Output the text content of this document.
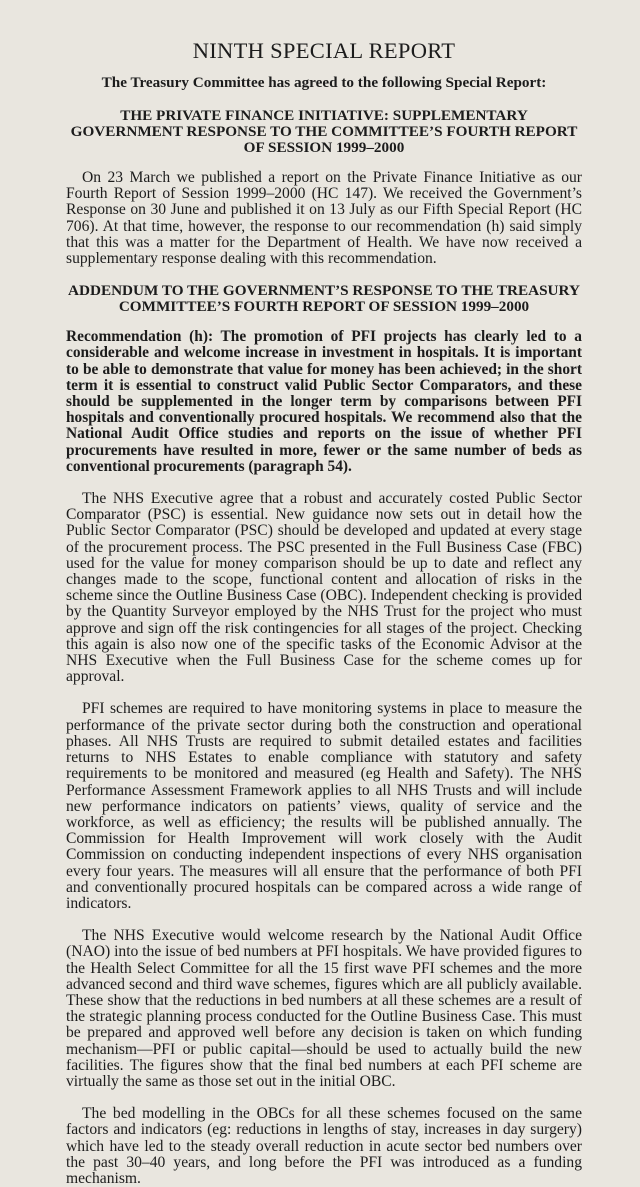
NINTH SPECIAL REPORT
The Treasury Committee has agreed to the following Special Report:
THE PRIVATE FINANCE INITIATIVE: SUPPLEMENTARY GOVERNMENT RESPONSE TO THE COMMITTEE’S FOURTH REPORT OF SESSION 1999–2000

On 23 March we published a report on the Private Finance Initiative as our Fourth Report of Session 1999–2000 (HC 147). We received the Government’s Response on 30 June and published it on 13 July as our Fifth Special Report (HC 706). At that time, however, the response to our recommendation (h) said simply that this was a matter for the Department of Health. We have now received a supplementary response dealing with this recommendation.

ADDENDUM TO THE GOVERNMENT’S RESPONSE TO THE TREASURY COMMITTEE’S FOURTH REPORT OF SESSION 1999–2000

Recommendation (h): The promotion of PFI projects has clearly led to a considerable and welcome increase in investment in hospitals. It is important to be able to demonstrate that value for money has been achieved; in the short term it is essential to construct valid Public Sector Comparators, and these should be supplemented in the longer term by comparisons between PFI hospitals and conventionally procured hospitals. We recommend also that the National Audit Office studies and reports on the issue of whether PFI procurements have resulted in more, fewer or the same number of beds as conventional procurements (paragraph 54).

The NHS Executive agree that a robust and accurately costed Public Sector Comparator (PSC) is essential. New guidance now sets out in detail how the Public Sector Comparator (PSC) should be developed and updated at every stage of the procurement process. The PSC presented in the Full Business Case (FBC) used for the value for money comparison should be up to date and reflect any changes made to the scope, functional content and allocation of risks in the scheme since the Outline Business Case (OBC). Independent checking is provided by the Quantity Surveyor employed by the NHS Trust for the project who must approve and sign off the risk contingencies for all stages of the project. Checking this again is also now one of the specific tasks of the Economic Advisor at the NHS Executive when the Full Business Case for the scheme comes up for approval.

PFI schemes are required to have monitoring systems in place to measure the performance of the private sector during both the construction and operational phases. All NHS Trusts are required to submit detailed estates and facilities returns to NHS Estates to enable compliance with statutory and safety requirements to be monitored and measured (eg Health and Safety). The NHS Performance Assessment Framework applies to all NHS Trusts and will include new performance indicators on patients’ views, quality of service and the workforce, as well as efficiency; the results will be published annually. The Commission for Health Improvement will work closely with the Audit Commission on conducting independent inspections of every NHS organisation every four years. The measures will all ensure that the performance of both PFI and conventionally procured hospitals can be compared across a wide range of indicators.

The NHS Executive would welcome research by the National Audit Office (NAO) into the issue of bed numbers at PFI hospitals. We have provided figures to the Health Select Committee for all the 15 first wave PFI schemes and the more advanced second and third wave schemes, figures which are all publicly available. These show that the reductions in bed numbers at all these schemes are a result of the strategic planning process conducted for the Outline Business Case. This must be prepared and approved well before any decision is taken on which funding mechanism—PFI or public capital—should be used to actually build the new facilities. The figures show that the final bed numbers at each PFI scheme are virtually the same as those set out in the initial OBC.

The bed modelling in the OBCs for all these schemes focused on the same factors and indicators (eg: reductions in lengths of stay, increases in day surgery) which have led to the steady overall reduction in acute sector bed numbers over the past 30–40 years, and long before the PFI was introduced as a funding mechanism.
